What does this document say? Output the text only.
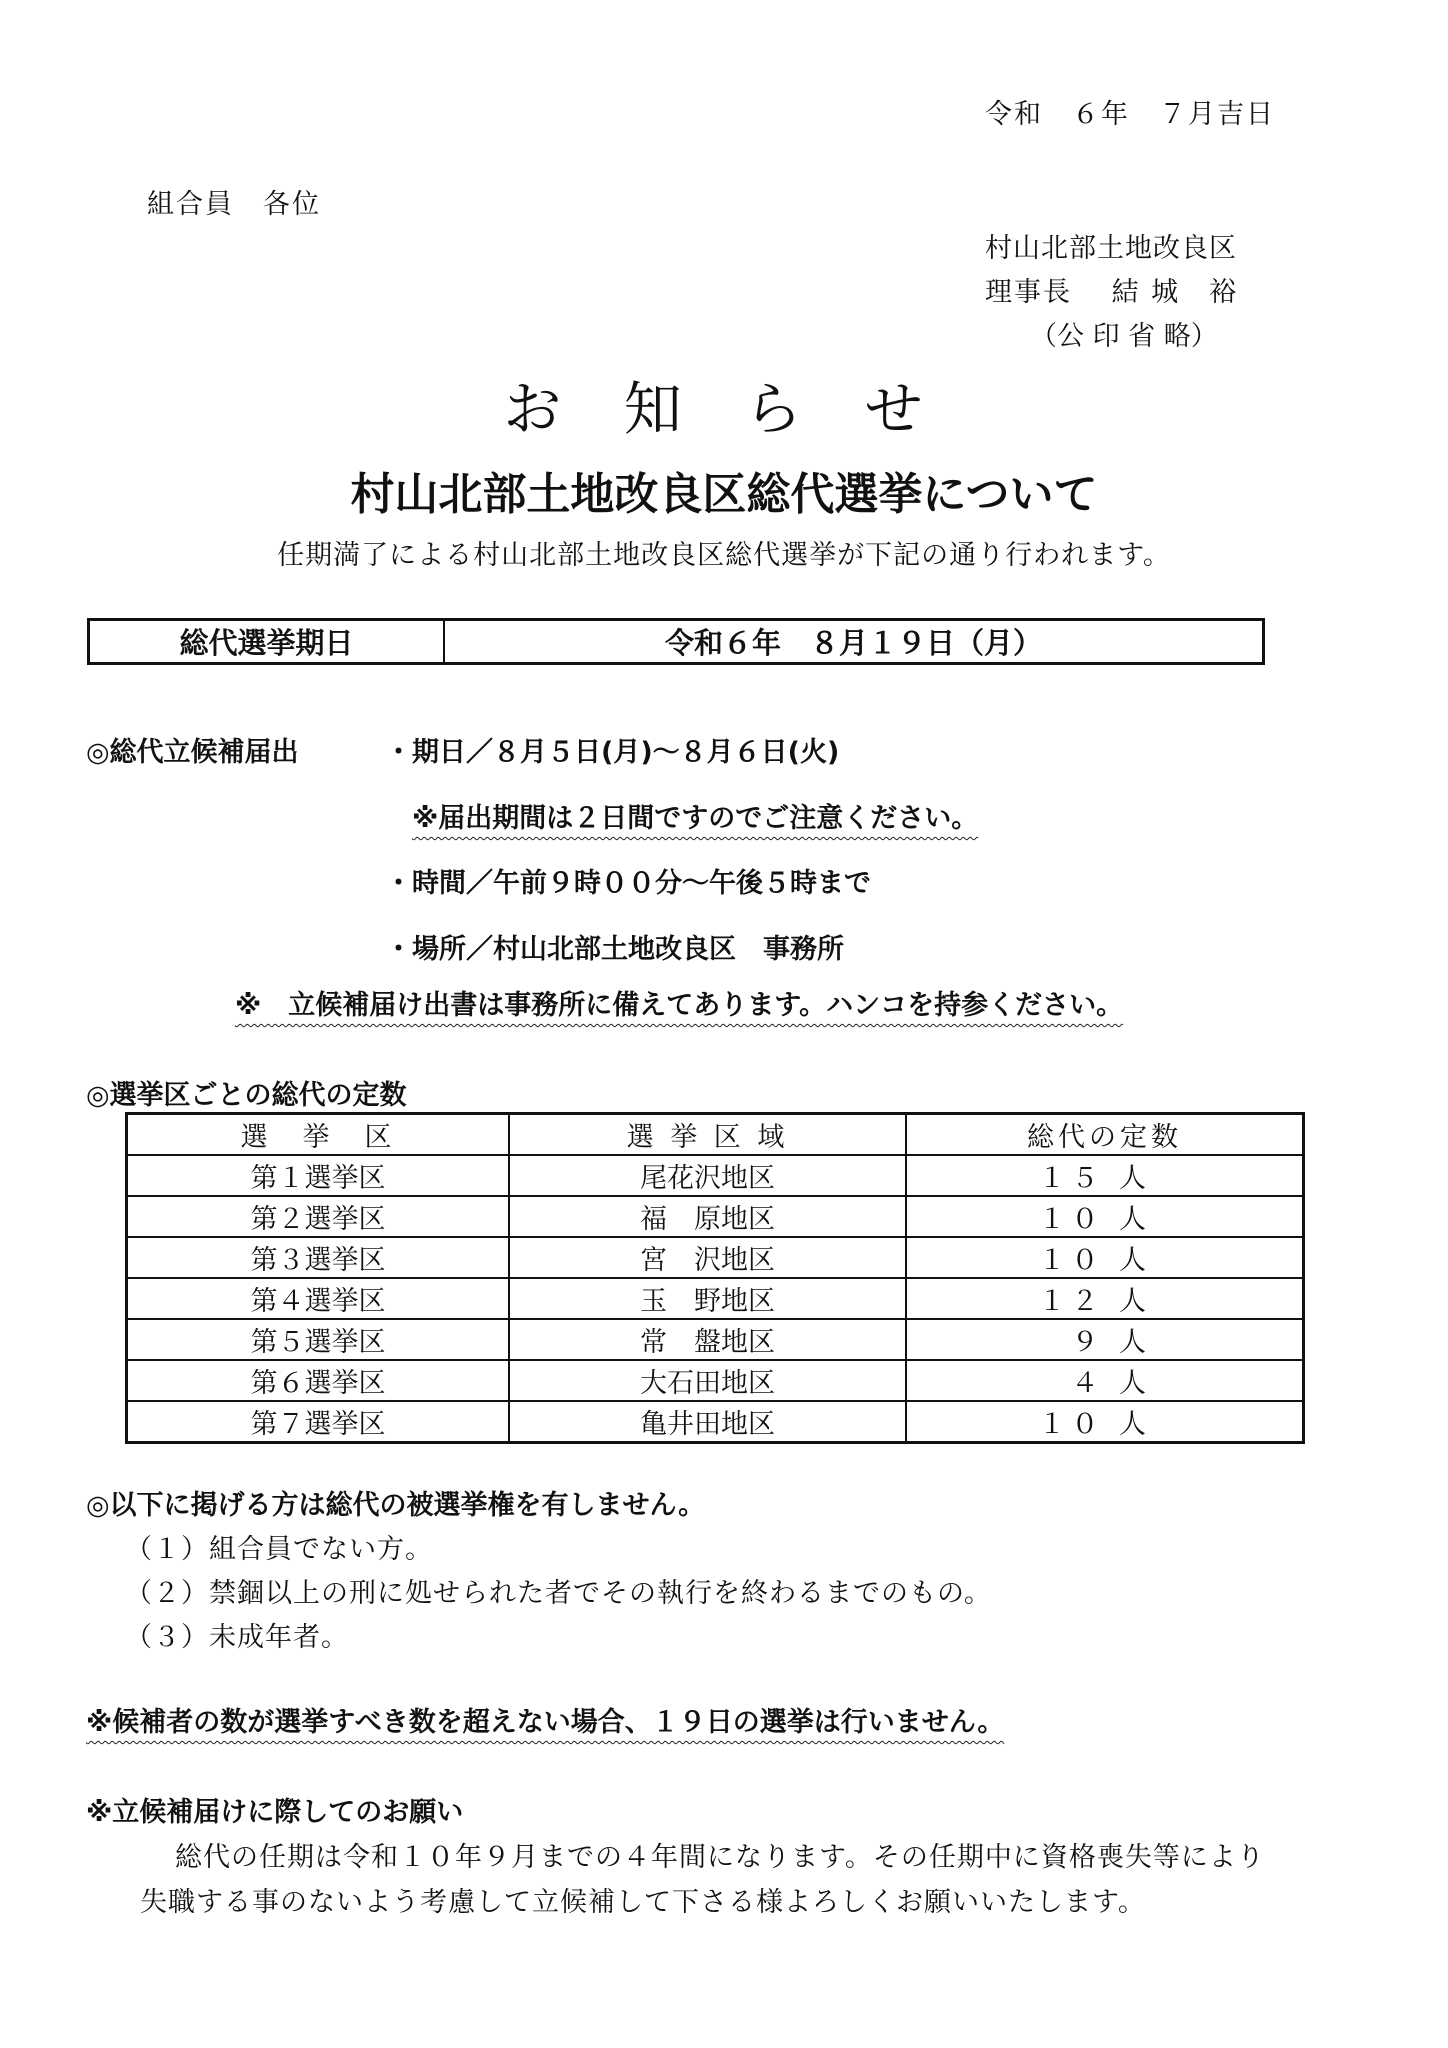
令和　６年　７月吉日
組合員　各位
村山北部土地改良区
理事長　 結 城　裕
（公 印 省 略）
お 知 ら せ
村山北部土地改良区総代選挙について
任期満了による村山北部土地改良区総代選挙が下記の通り行われます。
総代選挙期日	令和６年　８月１９日（月）
◎総代立候補届出	・期日／８月５日(月)～８月６日(火)
※届出期間は２日間ですのでご注意ください。
・時間／午前９時００分～午後５時まで
・場所／村山北部土地改良区　事務所
※　立候補届け出書は事務所に備えてあります。ハンコを持参ください。
◎選挙区ごとの総代の定数
選　挙　区	選 挙 区 域	総代の定数
第１選挙区	尾花沢地区	１５ 人
第２選挙区	福　原地区	１０ 人
第３選挙区	宮　沢地区	１０ 人
第４選挙区	玉　野地区	１２ 人
第５選挙区	常　盤地区	９ 人
第６選挙区	大石田地区	４ 人
第７選挙区	亀井田地区	１０ 人
◎以下に掲げる方は総代の被選挙権を有しません。
（１）組合員でない方。
（２）禁錮以上の刑に処せられた者でその執行を終わるまでのもの。
（３）未成年者。
※候補者の数が選挙すべき数を超えない場合、１９日の選挙は行いません。
※立候補届けに際してのお願い
総代の任期は令和１０年９月までの４年間になります。その任期中に資格喪失等により
失職する事のないよう考慮して立候補して下さる様よろしくお願いいたします。
